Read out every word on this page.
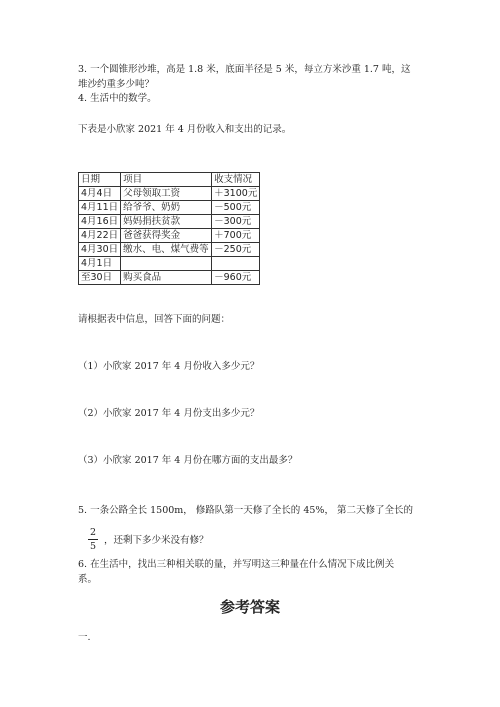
3. 一个圆锥形沙堆，高是 1.8 米，底面半径是 5 米，每立方米沙重 1.7 吨，这
堆沙约重多少吨？
4. 生活中的数学。
下表是小欣家 2021 年 4 月份收入和支出的记录。
日期	项目	收支情况
4月4日	父母领取工资	＋3100元
4月11日	给爷爷、奶奶	－500元
4月16日	妈妈捐扶贫款	－300元
4月22日	爸爸获得奖金	＋700元
4月30日	缴水、电、煤气费等	－250元
4月1日		
至30日	购买食品	－960元
请根据表中信息，回答下面的问题：
（1）小欣家 2017 年 4 月份收入多少元？
（2）小欣家 2017 年 4 月份支出多少元？
（3）小欣家 2017 年 4 月份在哪方面的支出最多？
5. 一条公路全长 1500m， 修路队第一天修了全长的 45%， 第二天修了全长的
2
5
，还剩下多少米没有修？
6. 在生活中，找出三种相关联的量，并写明这三种量在什么情况下成比例关
系。
参考答案
一.
